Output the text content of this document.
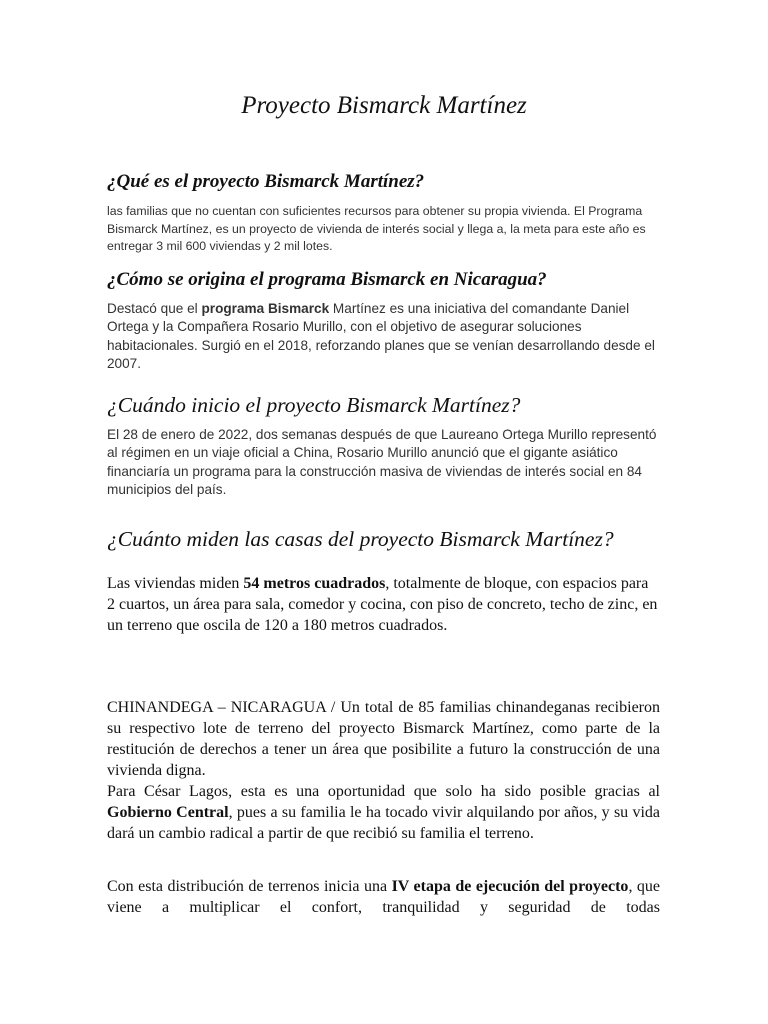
Proyecto Bismarck Martínez
¿Qué es el proyecto Bismarck Martínez?

las familias que no cuentan con suficientes recursos para obtener su propia vivienda. El Programa Bismarck Martínez, es un proyecto de vivienda de interés social y llega a, la meta para este año es entregar 3 mil 600 viviendas y 2 mil lotes.

¿Cómo se origina el programa Bismarck en Nicaragua?

Destacó que el programa Bismarck Martínez es una iniciativa del comandante Daniel Ortega y la Compañera Rosario Murillo, con el objetivo de asegurar soluciones habitacionales. Surgió en el 2018, reforzando planes que se venían desarrollando desde el 2007.

¿Cuándo inicio el proyecto Bismarck Martínez?

El 28 de enero de 2022, dos semanas después de que Laureano Ortega Murillo representó al régimen en un viaje oficial a China, Rosario Murillo anunció que el gigante asiático financiaría un programa para la construcción masiva de viviendas de interés social en 84 municipios del país.

¿Cuánto miden las casas del proyecto Bismarck Martínez?

Las viviendas miden 54 metros cuadrados, totalmente de bloque, con espacios para 2 cuartos, un área para sala, comedor y cocina, con piso de concreto, techo de zinc, en un terreno que oscila de 120 a 180 metros cuadrados.

CHINANDEGA – NICARAGUA / Un total de 85 familias chinandeganas recibieron su respectivo lote de terreno del proyecto Bismarck Martínez, como parte de la restitución de derechos a tener un área que posibilite a futuro la construcción de una vivienda digna.

Para César Lagos, esta es una oportunidad que solo ha sido posible gracias al Gobierno Central, pues a su familia le ha tocado vivir alquilando por años, y su vida dará un cambio radical a partir de que recibió su familia el terreno.

Con esta distribución de terrenos inicia una IV etapa de ejecución del proyecto, que viene a multiplicar el confort, tranquilidad y seguridad de todas
